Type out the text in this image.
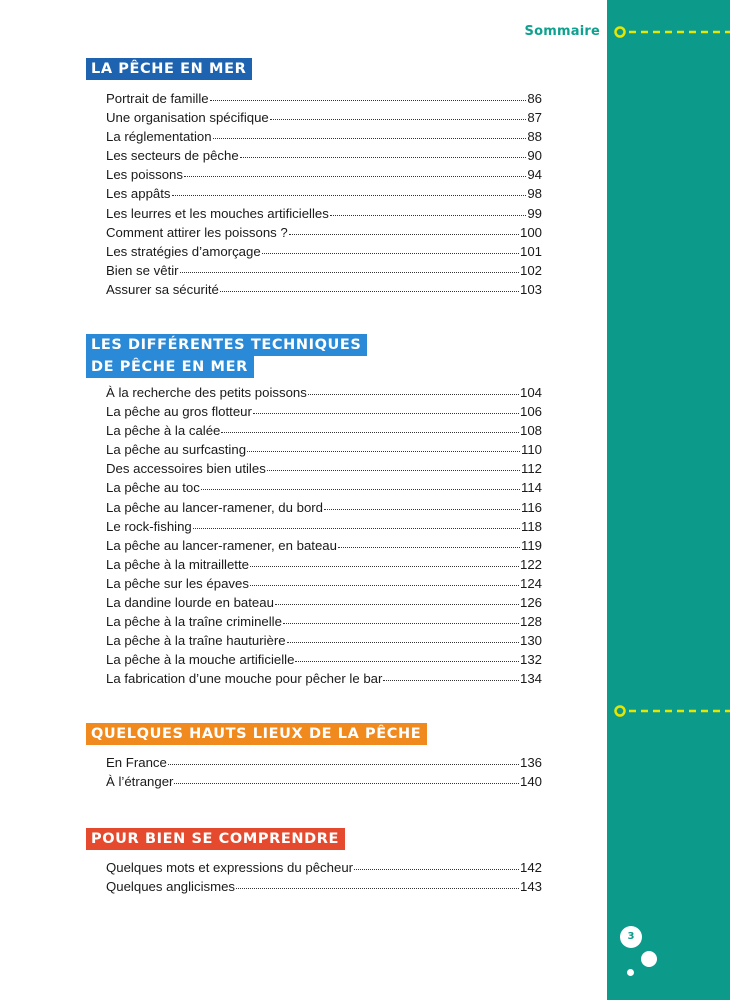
Sommaire
LA PÊCHE EN MER
Portrait de famille	86
Une organisation spécifique	87
La réglementation	88
Les secteurs de pêche	90
Les poissons	94
Les appâts	98
Les leurres et les mouches artificielles	99
Comment attirer les poissons ?	100
Les stratégies d’amorçage	101
Bien se vêtir	102
Assurer sa sécurité	103
LES DIFFÉRENTES TECHNIQUES
DE PÊCHE EN MER
À la recherche des petits poissons	104
La pêche au gros flotteur	106
La pêche à la calée	108
La pêche au surfcasting	110
Des accessoires bien utiles	112
La pêche au toc	114
La pêche au lancer-ramener, du bord	116
Le rock-fishing	118
La pêche au lancer-ramener, en bateau	119
La pêche à la mitraillette	122
La pêche sur les épaves	124
La dandine lourde en bateau	126
La pêche à la traîne criminelle	128
La pêche à la traîne hauturière	130
La pêche à la mouche artificielle	132
La fabrication d’une mouche pour pêcher le bar	134
QUELQUES HAUTS LIEUX DE LA PÊCHE
En France	136
À l’étranger	140
POUR BIEN SE COMPRENDRE
Quelques mots et expressions du pêcheur	142
Quelques anglicismes	143
3
